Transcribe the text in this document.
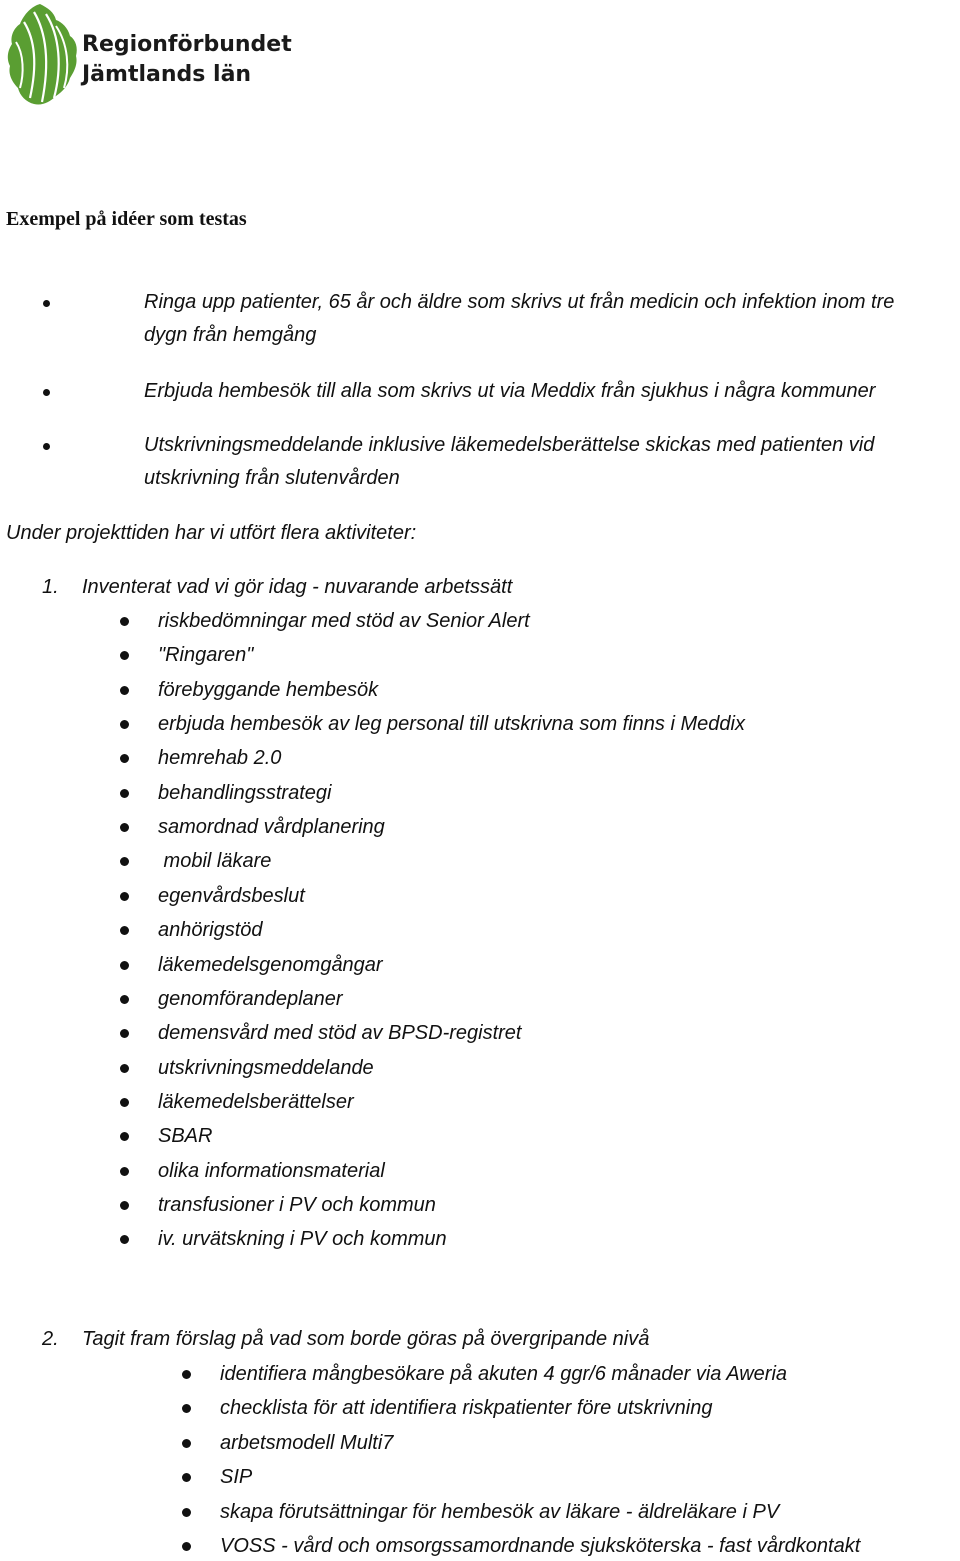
Regionförbundet
Jämtlands län
Exempel på idéer som testas
Ringa upp patienter, 65 år och äldre som skrivs ut från medicin och infektion inom tre
dygn från hemgång
Erbjuda hembesök till alla som skrivs ut via Meddix från sjukhus i några kommuner
Utskrivningsmeddelande inklusive läkemedelsberättelse skickas med patienten vid
utskrivning från slutenvården
Under projekttiden har vi utfört flera aktiviteter:
1. Inventerat vad vi gör idag - nuvarande arbetssätt
riskbedömningar med stöd av Senior Alert
"Ringaren"
förebyggande hembesök
erbjuda hembesök av leg personal till utskrivna som finns i Meddix
hemrehab 2.0
behandlingsstrategi
samordnad vårdplanering
mobil läkare
egenvårdsbeslut
anhörigstöd
läkemedelsgenomgångar
genomförandeplaner
demensvård med stöd av BPSD-registret
utskrivningsmeddelande
läkemedelsberättelser
SBAR
olika informationsmaterial
transfusioner i PV och kommun
iv. urvätskning i PV och kommun
2. Tagit fram förslag på vad som borde göras på övergripande nivå
identifiera mångbesökare på akuten 4 ggr/6 månader via Aweria
checklista för att identifiera riskpatienter före utskrivning
arbetsmodell Multi7
SIP
skapa förutsättningar för hembesök av läkare - äldreläkare i PV
VOSS - vård och omsorgssamordnande sjuksköterska - fast vårdkontakt
